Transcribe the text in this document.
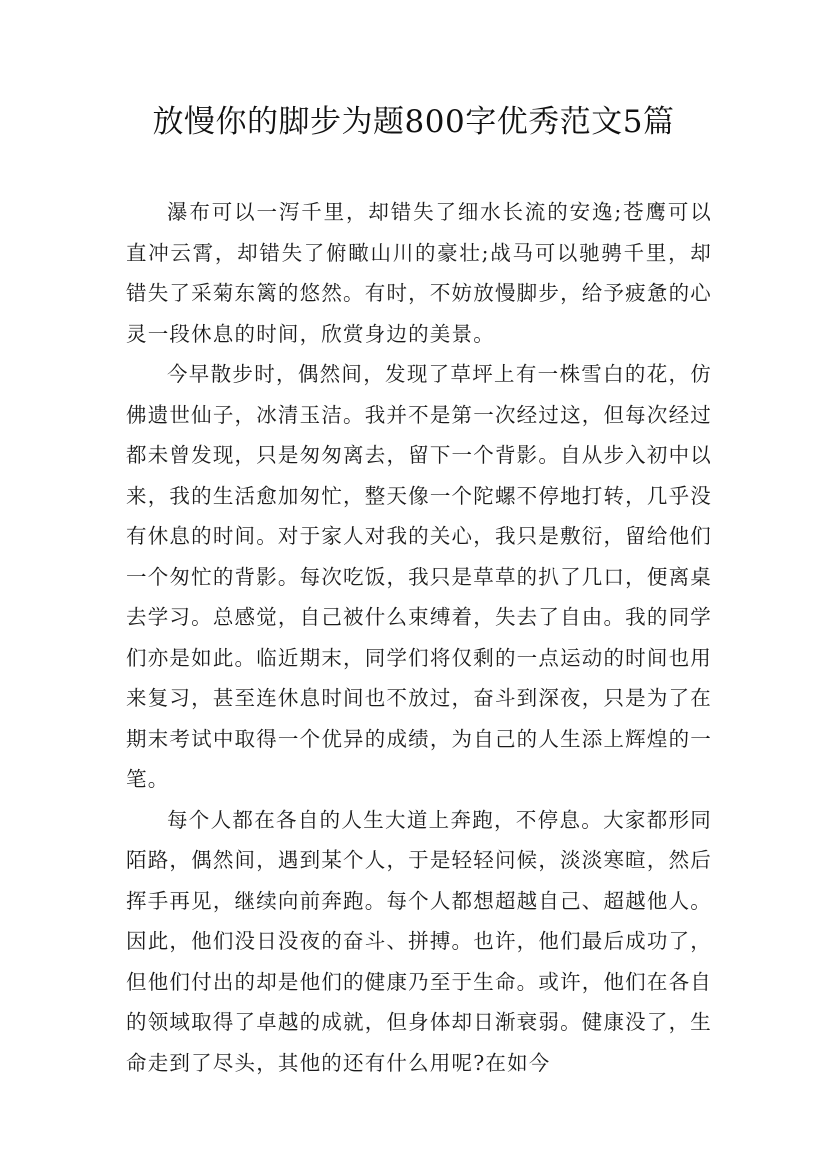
放慢你的脚步为题800字优秀范文5篇

瀑布可以一泻千里，却错失了细水长流的安逸;苍鹰可以直冲云霄，却错失了俯瞰山川的豪壮;战马可以驰骋千里，却错失了采菊东篱的悠然。有时，不妨放慢脚步，给予疲惫的心灵一段休息的时间，欣赏身边的美景。

今早散步时，偶然间，发现了草坪上有一株雪白的花，仿佛遗世仙子，冰清玉洁。我并不是第一次经过这，但每次经过都未曾发现，只是匆匆离去，留下一个背影。自从步入初中以来，我的生活愈加匆忙，整天像一个陀螺不停地打转，几乎没有休息的时间。对于家人对我的关心，我只是敷衍，留给他们一个匆忙的背影。每次吃饭，我只是草草的扒了几口，便离桌去学习。总感觉，自己被什么束缚着，失去了自由。我的同学们亦是如此。临近期末，同学们将仅剩的一点运动的时间也用来复习，甚至连休息时间也不放过，奋斗到深夜，只是为了在期末考试中取得一个优异的成绩，为自己的人生添上辉煌的一笔。

每个人都在各自的人生大道上奔跑，不停息。大家都形同陌路，偶然间，遇到某个人，于是轻轻问候，淡淡寒暄，然后挥手再见，继续向前奔跑。每个人都想超越自己、超越他人。因此，他们没日没夜的奋斗、拼搏。也许，他们最后成功了，但他们付出的却是他们的健康乃至于生命。或许，他们在各自的领域取得了卓越的成就，但身体却日渐衰弱。健康没了，生命走到了尽头，其他的还有什么用呢?在如今
